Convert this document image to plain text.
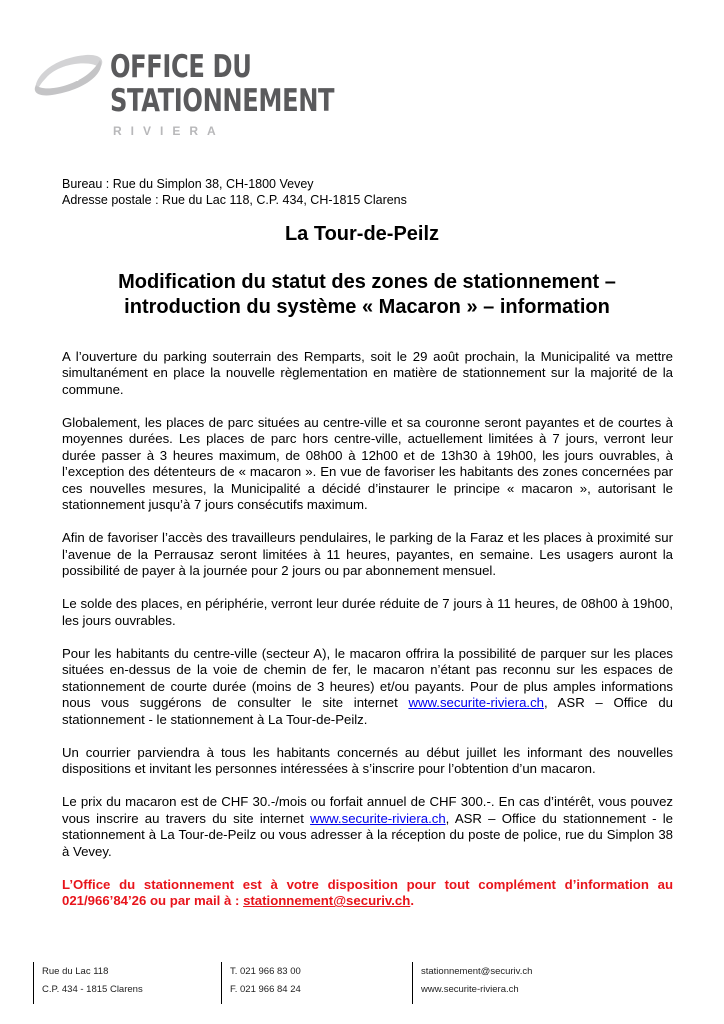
ASR OFFICE DU
STATIONNEMENT
RIVIERA
Bureau : Rue du Simplon 38, CH-1800 Vevey
Adresse postale : Rue du Lac 118, C.P. 434, CH-1815 Clarens
La Tour-de-Peilz
Modification du statut des zones de stationnement –
introduction du système « Macaron » – information

A l’ouverture du parking souterrain des Remparts, soit le 29 août prochain, la Municipalité va mettre simultanément en place la nouvelle règlementation en matière de stationnement sur la majorité de la commune.

Globalement, les places de parc situées au centre-ville et sa couronne seront payantes et de courtes à moyennes durées. Les places de parc hors centre-ville, actuellement limitées à 7 jours, verront leur durée passer à 3 heures maximum, de 08h00 à 12h00 et de 13h30 à 19h00, les jours ouvrables, à l’exception des détenteurs de « macaron ». En vue de favoriser les habitants des zones concernées par ces nouvelles mesures, la Municipalité a décidé d’instaurer le principe « macaron », autorisant le stationnement jusqu’à 7 jours consécutifs maximum.

Afin de favoriser l’accès des travailleurs pendulaires, le parking de la Faraz et les places à proximité sur l’avenue de la Perrausaz seront limitées à 11 heures, payantes, en semaine. Les usagers auront la possibilité de payer à la journée pour 2 jours ou par abonnement mensuel.

Le solde des places, en périphérie, verront leur durée réduite de 7 jours à 11 heures, de 08h00 à 19h00, les jours ouvrables.

Pour les habitants du centre-ville (secteur A), le macaron offrira la possibilité de parquer sur les places situées en-dessus de la voie de chemin de fer, le macaron n’étant pas reconnu sur les espaces de stationnement de courte durée (moins de 3 heures) et/ou payants. Pour de plus amples informations nous vous suggérons de consulter le site internet www.securite-riviera.ch, ASR – Office du stationnement - le stationnement à La Tour-de-Peilz.

Un courrier parviendra à tous les habitants concernés au début juillet les informant des nouvelles dispositions et invitant les personnes intéressées à s’inscrire pour l’obtention d’un macaron.

Le prix du macaron est de CHF 30.-/mois ou forfait annuel de CHF 300.-. En cas d’intérêt, vous pouvez vous inscrire au travers du site internet www.securite-riviera.ch, ASR – Office du stationnement - le stationnement à La Tour-de-Peilz ou vous adresser à la réception du poste de police, rue du Simplon 38 à Vevey.

L’Office du stationnement est à votre disposition pour tout complément d’information au 021/966’84’26 ou par mail à : stationnement@securiv.ch.

Rue du Lac 118
C.P. 434 - 1815 Clarens
T. 021 966 83 00
F. 021 966 84 24
stationnement@securiv.ch
www.securite-riviera.ch
